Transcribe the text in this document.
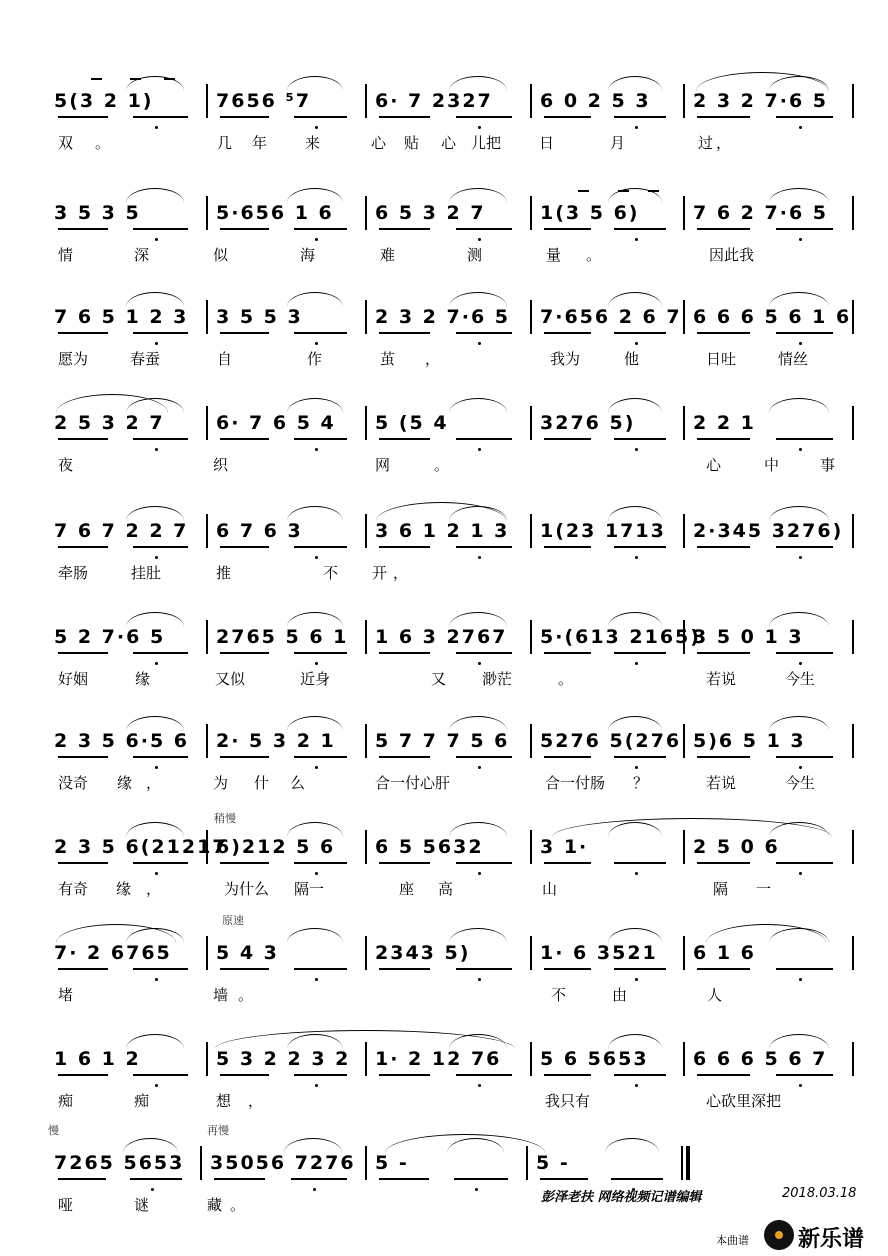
5(3 2 1)	7656 ⁵7	6· 7 2327 6 0 2 5 3 2 3 2 7·6 5
双 。	几 年	来	心 贴 心 儿把	日	月	过 ，
3 5 3 5	5·656 1 6 6 5 3 2 7	1(3 5 6)	7 6 2 7·6 5
情	深	似	海	难	测	量 。	因此我
7 6 5 1 2 3 3 5 5 3	2 3 2 7·6 5 7·656 2 6 7 6 6 6 5 6 1 6
愿为	春蚕	自	作	茧 ，	我为	他	日吐	情丝
2 5 3 2 7	6· 7 6 5 4 5 (5 4	3276 5)	2 2 1
夜	织	网	。	心	中	事
7 6 7 2 2 7 6 7 6 3	3 6 1 2 1 3 1(23 1713 2·345 3276)
牵肠	挂肚	推	不 开 ，
5 2 7·6 5	2765 5 6 1 1 6 3 2767 5·(613 2165)
3 5 0 1 3
好姻	缘	又似	近身	又 渺茫	。	若说	今生
2 3 5 6·5 6 2· 5 3 2 1 5 7 7 7 5 6 5276 5(276 5)6 5 1 3
没奇 缘 ，	为 什 么	合一付心肝	合一付肠 ？	若说	今生
2 3 5 6(21217
6)212 5 6 6 5 5632	3 1·	2 5 0 6
稍慢
有奇 缘 ，	为什么 隔一	座 高	山	隔 一
7· 2 6765 5 4 3	2343 5)	1· 6 3521 6 1 6
原速
堵	墙 。	不	由	人
1 6 1 2	5 3 2 2 3 2 1· 2 12 76 5 6 5653 6 6 6 5 6 7
痴	痴	想 ，	我只有	心砍里深把
7265 5653 35056 7276 5 -	5 -
慢	再慢
哑	谜	藏 。	彭泽老扶 网络视频记谱编辑	2018.03.18
本曲谱 新乐谱
